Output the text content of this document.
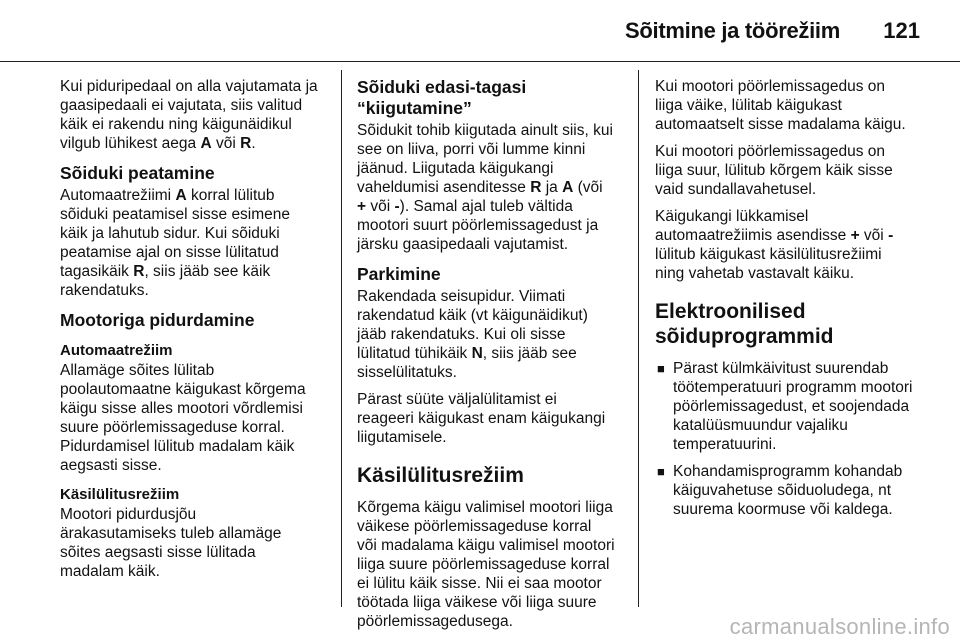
Sõitmine ja töörežiim 121

Kui piduripedaal on alla vajutamata ja
gaasipedaali ei vajutata, siis valitud
käik ei rakendu ning käigunäidikul
vilgub lühikest aega A või R.

Sõiduki peatamine

Automaatrežiimi A korral lülitub
sõiduki peatamisel sisse esimene
käik ja lahutub sidur. Kui sõiduki
peatamise ajal on sisse lülitatud
tagasikäik R, siis jääb see käik
rakendatuks.

Mootoriga pidurdamine
Automaatrežiim

Allamäge sõites lülitab
poolautomaatne käigukast kõrgema
käigu sisse alles mootori võrdlemisi
suure pöörlemissageduse korral.
Pidurdamisel lülitub madalam käik
aegsasti sisse.

Käsilülitusrežiim

Mootori pidurdusjõu
ärakasutamiseks tuleb allamäge
sõites aegsasti sisse lülitada
madalam käik.

Sõiduki edasi-tagasi
“kiigutamine”

Sõidukit tohib kiigutada ainult siis, kui
see on liiva, porri või lumme kinni
jäänud. Liigutada käigukangi
vaheldumisi asenditesse R ja A (või
+ või -). Samal ajal tuleb vältida
mootori suurt pöörlemissagedust ja
järsku gaasipedaali vajutamist.

Parkimine

Rakendada seisupidur. Viimati
rakendatud käik (vt käigunäidikut)
jääb rakendatuks. Kui oli sisse
lülitatud tühikäik N, siis jääb see
sisselülitatuks.

Pärast süüte väljalülitamist ei
reageeri käigukast enam käigukangi
liigutamisele.

Käsilülitusrežiim

Kõrgema käigu valimisel mootori liiga
väikese pöörlemissageduse korral
või madalama käigu valimisel mootori
liiga suure pöörlemissageduse korral
ei lülitu käik sisse. Nii ei saa mootor
töötada liiga väikese või liiga suure
pöörlemissagedusega.

Kui mootori pöörlemissagedus on
liiga väike, lülitab käigukast
automaatselt sisse madalama käigu.

Kui mootori pöörlemissagedus on
liiga suur, lülitub kõrgem käik sisse
vaid sundallavahetusel.

Käigukangi lükkamisel
automaatrežiimis asendisse + või -
lülitub käigukast käsilülitusrežiimi
ning vahetab vastavalt käiku.

Elektroonilised
sõiduprogrammid
■ Pärast külmkäivitust suurendab
töötemperatuuri programm mootori
pöörlemissagedust, et soojendada
katalüüsmuundur vajaliku
temperatuurini.
■ Kohandamisprogramm kohandab
käiguvahetuse sõiduoludega, nt
suurema koormuse või kaldega.
carmanualsonline.info
